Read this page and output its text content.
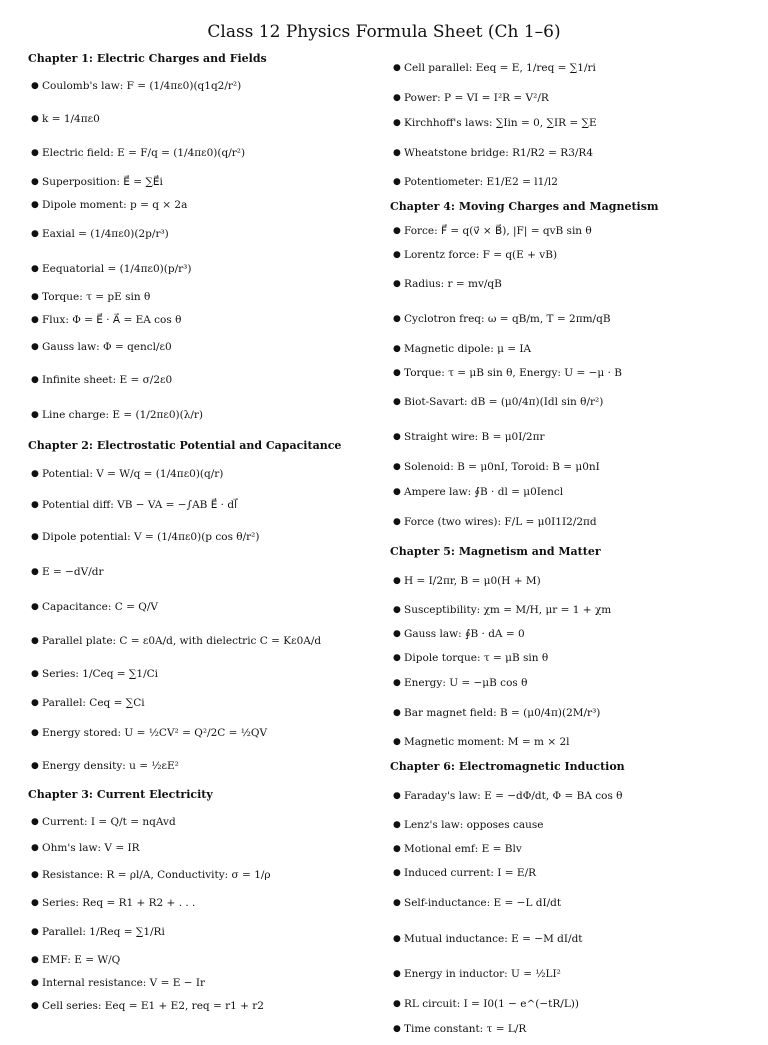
Class 12 Physics Formula Sheet (Ch 1–6)
Chapter 1: Electric Charges and Fields
● Coulomb's law: F = (1/4πε0)(q1q2/r²)
● k = 1/4πε0
● Electric field: E = F/q = (1/4πε0)(q/r²)
● Superposition: E⃗ = ∑E⃗i
● Dipole moment: p = q × 2a
● Eaxial = (1/4πε0)(2p/r³)
● Eequatorial = (1/4πε0)(p/r³)
● Torque: τ = pE sin θ
● Flux: Φ = E⃗ · A⃗ = EA cos θ
● Gauss law: Φ = qencl/ε0
● Infinite sheet: E = σ/2ε0
● Line charge: E = (1/2πε0)(λ/r)
Chapter 2: Electrostatic Potential and Capacitance
● Potential: V = W/q = (1/4πε0)(q/r)
● Potential diff: VB − VA = −∫AB E⃗ · dl⃗
● Dipole potential: V = (1/4πε0)(p cos θ/r²)
● E = −dV/dr
● Capacitance: C = Q/V
● Parallel plate: C = ε0A/d, with dielectric C = Kε0A/d
● Series: 1/Ceq = ∑1/Ci
● Parallel: Ceq = ∑Ci
● Energy stored: U = ½CV² = Q²/2C = ½QV
● Energy density: u = ½εE²
Chapter 3: Current Electricity
● Current: I = Q/t = nqAvd
● Ohm's law: V = IR
● Resistance: R = ρl/A, Conductivity: σ = 1/ρ
● Series: Req = R1 + R2 + . . .
● Parallel: 1/Req = ∑1/Ri
● EMF: E = W/Q
● Internal resistance: V = E − Ir
● Cell series: Eeq = E1 + E2, req = r1 + r2
● Cell parallel: Eeq = E, 1/req = ∑1/ri
● Power: P = VI = I²R = V²/R
● Kirchhoff's laws: ∑Iin = 0, ∑IR = ∑E
● Wheatstone bridge: R1/R2 = R3/R4
● Potentiometer: E1/E2 = l1/l2
Chapter 4: Moving Charges and Magnetism
● Force: F⃗ = q(v⃗ × B⃗), |F| = qvB sin θ
● Lorentz force: F = q(E + vB)
● Radius: r = mv/qB
● Cyclotron freq: ω = qB/m, T = 2πm/qB
● Magnetic dipole: μ = IA
● Torque: τ = μB sin θ, Energy: U = −μ · B
● Biot-Savart: dB = (μ0/4π)(Idl sin θ/r²)
● Straight wire: B = μ0I/2πr
● Solenoid: B = μ0nI, Toroid: B = μ0nI
● Ampere law: ∮B · dl = μ0Iencl
● Force (two wires): F/L = μ0I1I2/2πd
Chapter 5: Magnetism and Matter
● H = I/2πr, B = μ0(H + M)
● Susceptibility: χm = M/H, μr = 1 + χm
● Gauss law: ∮B · dA = 0
● Dipole torque: τ = μB sin θ
● Energy: U = −μB cos θ
● Bar magnet field: B = (μ0/4π)(2M/r³)
● Magnetic moment: M = m × 2l
Chapter 6: Electromagnetic Induction
● Faraday's law: E = −dΦ/dt, Φ = BA cos θ
● Lenz's law: opposes cause
● Motional emf: E = Blv
● Induced current: I = E/R
● Self-inductance: E = −L dI/dt
● Mutual inductance: E = −M dI/dt
● Energy in inductor: U = ½LI²
● RL circuit: I = I0(1 − e^(−tR/L))
● Time constant: τ = L/R
